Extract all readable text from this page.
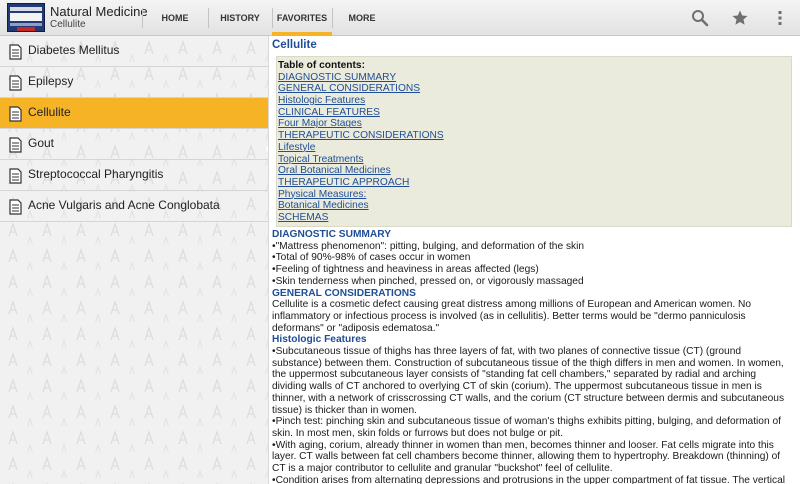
Natural Medicine
Cellulite
HOME	HISTORY FAVORITES MORE
Diabetes Mellitus
Epilepsy
Cellulite
Gout
Streptococcal Pharyngitis
Acne Vulgaris and Acne Conglobata
Cellulite
Table of contents:
DIAGNOSTIC SUMMARY
GENERAL CONSIDERATIONS
Histologic Features
CLINICAL FEATURES
Four Major Stages
THERAPEUTIC CONSIDERATIONS
Lifestyle
Topical Treatments
Oral Botanical Medicines
THERAPEUTIC APPROACH
Physical Measures:
Botanical Medicines
SCHEMAS
DIAGNOSTIC SUMMARY

•"Mattress phenomenon": pitting, bulging, and deformation of the skin

•Total of 90%-98% of cases occur in women

•Feeling of tightness and heaviness in areas affected (legs)

•Skin tenderness when pinched, pressed on, or vigorously massaged

GENERAL CONSIDERATIONS

Cellulite is a cosmetic defect causing great distress among millions of European and American women. No inflammatory or infectious process is involved (as in cellulitis). Better terms would be "dermo panniculosis deformans" or "adiposis edematosa."

Histologic Features

•Subcutaneous tissue of thighs has three layers of fat, with two planes of connective tissue (CT) (ground substance) between them. Construction of subcutaneous tissue of the thigh differs in men and women. In women, the uppermost subcutaneous layer consists of "standing fat cell chambers," separated by radial and arching dividing walls of CT anchored to overlying CT of skin (corium). The uppermost subcutaneous tissue in men is thinner, with a network of crisscrossing CT walls, and the corium (CT structure between dermis and subcutaneous tissue) is thicker than in women.

•Pinch test: pinching skin and subcutaneous tissue of woman's thighs exhibits pitting, bulging, and deformation of skin. In most men, skin folds or furrows but does not bulge or pit.

•With aging, corium, already thinner in women than men, becomes thinner and looser. Fat cells migrate into this layer. CT walls between fat cell chambers become thinner, allowing them to hypertrophy. Breakdown (thinning) of CT is a major contributor to cellulite and granular "buckshot" feel of cellulite.

•Condition arises from alternating depressions and protrusions in the upper compartment of fat tissue. The vertical
